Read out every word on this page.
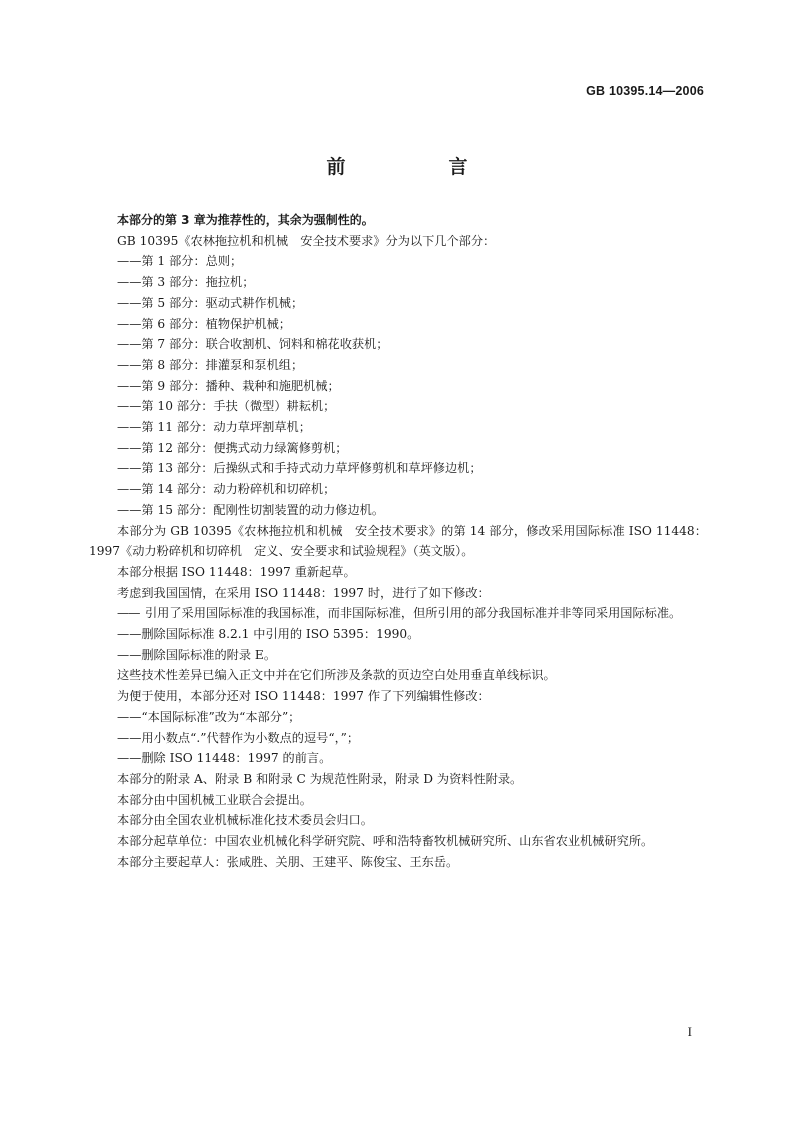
GB 10395.14—2006
前　言
本部分的第 3 章为推荐性的，其余为强制性的。
GB 10395《农林拖拉机和机械　安全技术要求》分为以下几个部分：
——第 1 部分：总则；
——第 3 部分：拖拉机；
——第 5 部分：驱动式耕作机械；
——第 6 部分：植物保护机械；
——第 7 部分：联合收割机、饲料和棉花收获机；
——第 8 部分：排灌泵和泵机组；
——第 9 部分：播种、栽种和施肥机械；
——第 10 部分：手扶（微型）耕耘机；
——第 11 部分：动力草坪割草机；
——第 12 部分：便携式动力绿篱修剪机；
——第 13 部分：后操纵式和手持式动力草坪修剪机和草坪修边机；
——第 14 部分：动力粉碎机和切碎机；
——第 15 部分：配刚性切割装置的动力修边机。
本部分为 GB 10395《农林拖拉机和机械　安全技术要求》的第 14 部分，修改采用国际标准 ISO 11448：1997《动力粉碎机和切碎机　定义、安全要求和试验规程》（英文版）。
本部分根据 ISO 11448：1997 重新起草。
考虑到我国国情，在采用 ISO 11448：1997 时，进行了如下修改：
—— 引用了采用国际标准的我国标准，而非国际标准，但所引用的部分我国标准并非等同采用国际标准。
——删除国际标准 8.2.1 中引用的 ISO 5395：1990。
——删除国际标准的附录 E。
这些技术性差异已编入正文中并在它们所涉及条款的页边空白处用垂直单线标识。
为便于使用，本部分还对 ISO 11448：1997 作了下列编辑性修改：
——“本国际标准”改为“本部分”；
——用小数点“.”代替作为小数点的逗号“，”；
——删除 ISO 11448：1997 的前言。
本部分的附录 A、附录 B 和附录 C 为规范性附录，附录 D 为资料性附录。
本部分由中国机械工业联合会提出。
本部分由全国农业机械标准化技术委员会归口。
本部分起草单位：中国农业机械化科学研究院、呼和浩特畜牧机械研究所、山东省农业机械研究所。
本部分主要起草人：张咸胜、关朋、王建平、陈俊宝、王东岳。
I
